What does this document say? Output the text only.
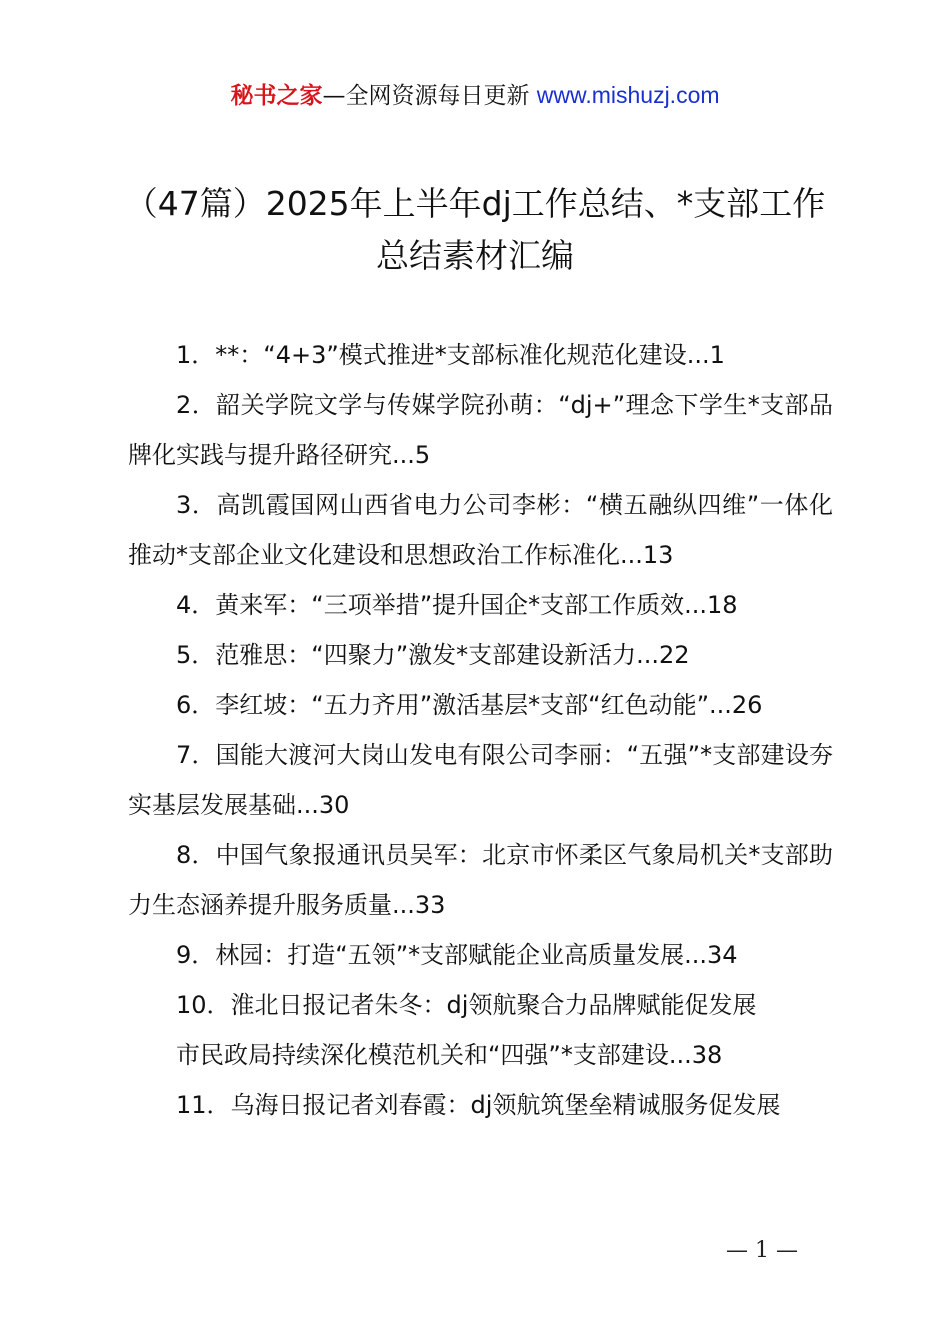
秘书之家—全网资源每日更新 www.mishuzj.com
（47篇）2025年上半年dj工作总结、*支部工作总结素材汇编

1．**：“4+3”模式推进*支部标准化规范化建设...1

2．韶关学院文学与传媒学院孙萌：“dj+”理念下学生*支部品牌化实践与提升路径研究...5

3．高凯霞国网山西省电力公司李彬：“横五融纵四维”一体化推动*支部企业文化建设和思想政治工作标准化...13

4．黄来军：“三项举措”提升国企*支部工作质效...18

5．范雅思：“四聚力”激发*支部建设新活力...22

6．李红坡：“五力齐用”激活基层*支部“红色动能”...26

7．国能大渡河大岗山发电有限公司李丽：“五强”*支部建设夯实基层发展基础...30

8．中国气象报通讯员吴军：北京市怀柔区气象局机关*支部助力生态涵养提升服务质量...33

9．林园：打造“五领”*支部赋能企业高质量发展...34

10．淮北日报记者朱冬：dj领航聚合力品牌赋能促发展

市民政局持续深化模范机关和“四强”*支部建设...38

11．乌海日报记者刘春霞：dj领航筑堡垒精诚服务促发展

— 1 —
